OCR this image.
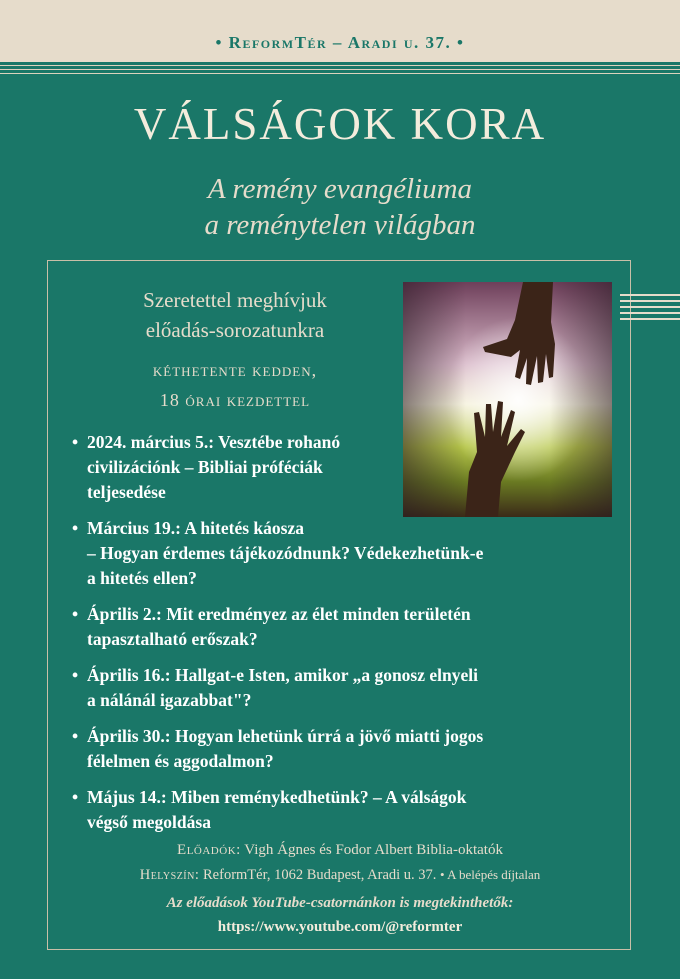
• ReformTér – Aradi u. 37. •
VÁLSÁGOK KORA
A remény evangéliuma
a reménytelen világban
Szeretettel meghívjuk
előadás-sorozatunkra
kéthetente kedden,
18 órai kezdettel
• 2024. március 5.: Vesztébe rohanó
civilizációnk – Bibliai próféciák
teljesedése
• Március 19.: A hitetés káosza
– Hogyan érdemes tájékozódnunk? Védekezhetünk-e
a hitetés ellen?
• Április 2.: Mit eredményez az élet minden területén
tapasztalható erőszak?
• Április 16.: Hallgat-e Isten, amikor „a gonosz elnyeli
a nálánál igazabbat"?
• Április 30.: Hogyan lehetünk úrrá a jövő miatti jogos
félelmen és aggodalmon?
• Május 14.: Miben reménykedhetünk? – A válságok
végső megoldása
Előadók: Vigh Ágnes és Fodor Albert Biblia-oktatók
Helyszín: ReformTér, 1062 Budapest, Aradi u. 37. • A belépés díjtalan
Az előadások YouTube-csatornánkon is megtekinthetők:
https://www.youtube.com/@reformter
